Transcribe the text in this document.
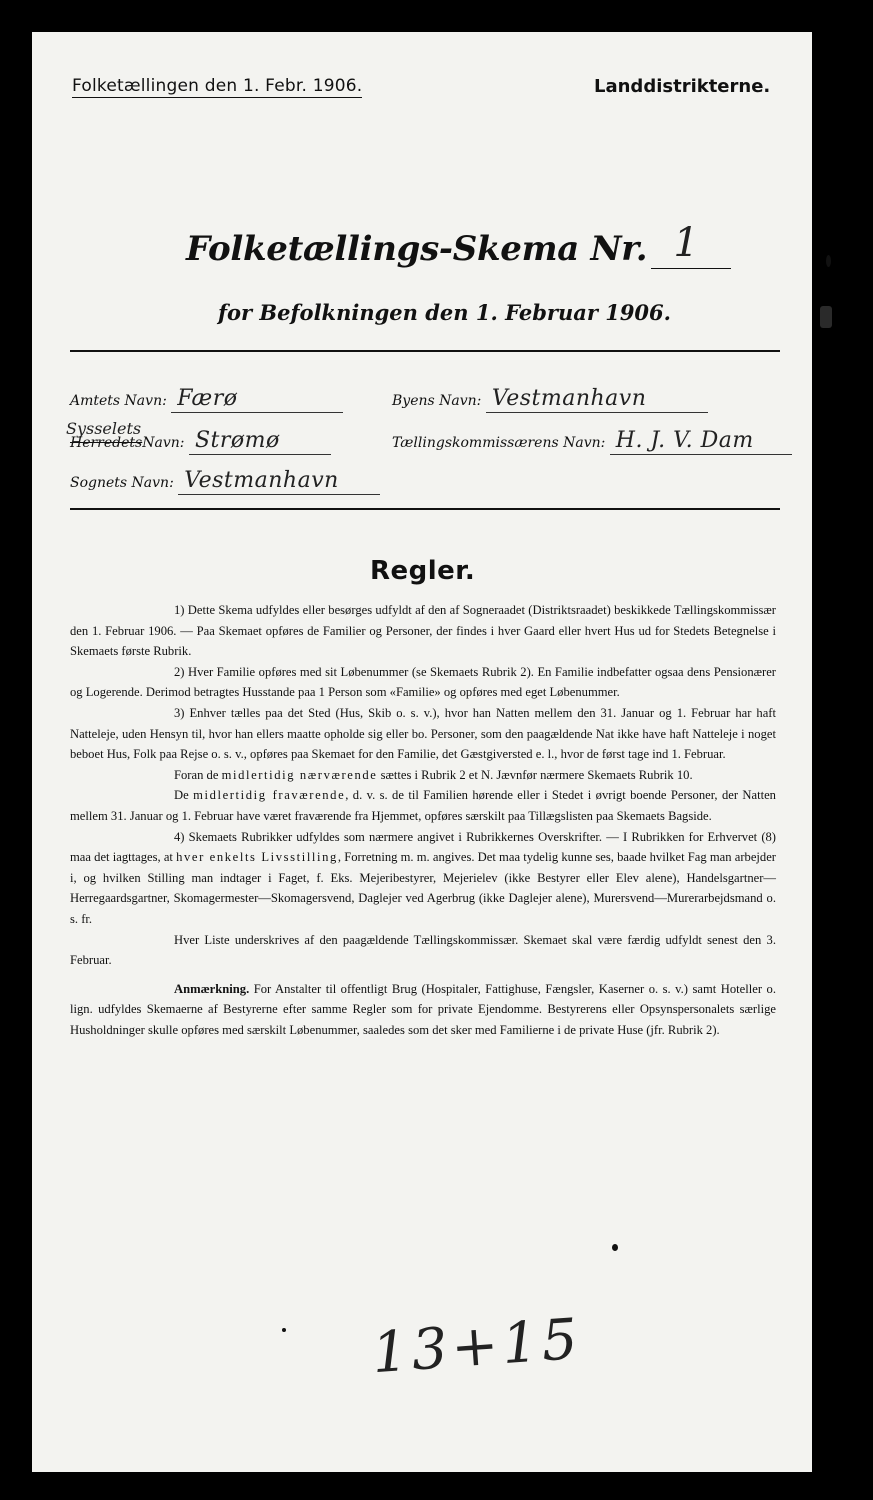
Folketællingen den 1. Febr. 1906.	Landdistrikterne.
Folketællings-Skema Nr. 1
for Befolkningen den 1. Februar 1906.
Amtets Navn: Færø	Byens Navn: Vestmanhavn
Sysselets
HerredetsNavn: Strømø	Tællingskommissærens Navn: H. J. V. Dam
Sognets Navn: Vestmanhavn
Regler.

1) Dette Skema udfyldes eller besørges udfyldt af den af Sogneraadet (Distriktsraadet) beskikkede Tællingskommissær den 1. Februar 1906. — Paa Skemaet opføres de Familier og Personer, der findes i hver Gaard eller hvert Hus ud for Stedets Betegnelse i Skemaets første Rubrik.

2) Hver Familie opføres med sit Løbenummer (se Skemaets Rubrik 2). En Familie indbefatter ogsaa dens Pensionærer og Logerende. Derimod betragtes Husstande paa 1 Person som «Familie» og opføres med eget Løbenummer.

3) Enhver tælles paa det Sted (Hus, Skib o. s. v.), hvor han Natten mellem den 31. Januar og 1. Februar har haft Natteleje, uden Hensyn til, hvor han ellers maatte opholde sig eller bo. Personer, som den paagældende Nat ikke have haft Natteleje i noget beboet Hus, Folk paa Rejse o. s. v., opføres paa Skemaet for den Familie, det Gæstgiversted e. l., hvor de først tage ind 1. Februar.

Foran de midlertidig nærværende sættes i Rubrik 2 et N. Jævnfør nærmere Skemaets Rubrik 10.

De midlertidig fraværende, d. v. s. de til Familien hørende eller i Stedet i øvrigt boende Personer, der Natten mellem 31. Januar og 1. Februar have været fraværende fra Hjemmet, opføres særskilt paa Tillægslisten paa Skemaets Bagside.

4) Skemaets Rubrikker udfyldes som nærmere angivet i Rubrikkernes Overskrifter. — I Rubrikken for Erhvervet (8) maa det iagttages, at hver enkelts Livsstilling, Forretning m. m. angives. Det maa tydelig kunne ses, baade hvilket Fag man arbejder i, og hvilken Stilling man indtager i Faget, f. Eks. Mejeribestyrer, Mejerielev (ikke Bestyrer eller Elev alene), Handelsgartner—Herregaardsgartner, Skomagermester—Skomagersvend, Daglejer ved Agerbrug (ikke Daglejer alene), Murersvend—Murerarbejdsmand o. s. fr.

Hver Liste underskrives af den paagældende Tællingskommissær. Skemaet skal være færdig udfyldt senest den 3. Februar.

Anmærkning. For Anstalter til offentligt Brug (Hospitaler, Fattighuse, Fængsler, Kaserner o. s. v.) samt Hoteller o. lign. udfyldes Skemaerne af Bestyrerne efter samme Regler som for private Ejendomme. Bestyrerens eller Opsynspersonalets særlige Husholdninger skulle opføres med særskilt Løbenummer, saaledes som det sker med Familierne i de private Huse (jfr. Rubrik 2).

13+15
